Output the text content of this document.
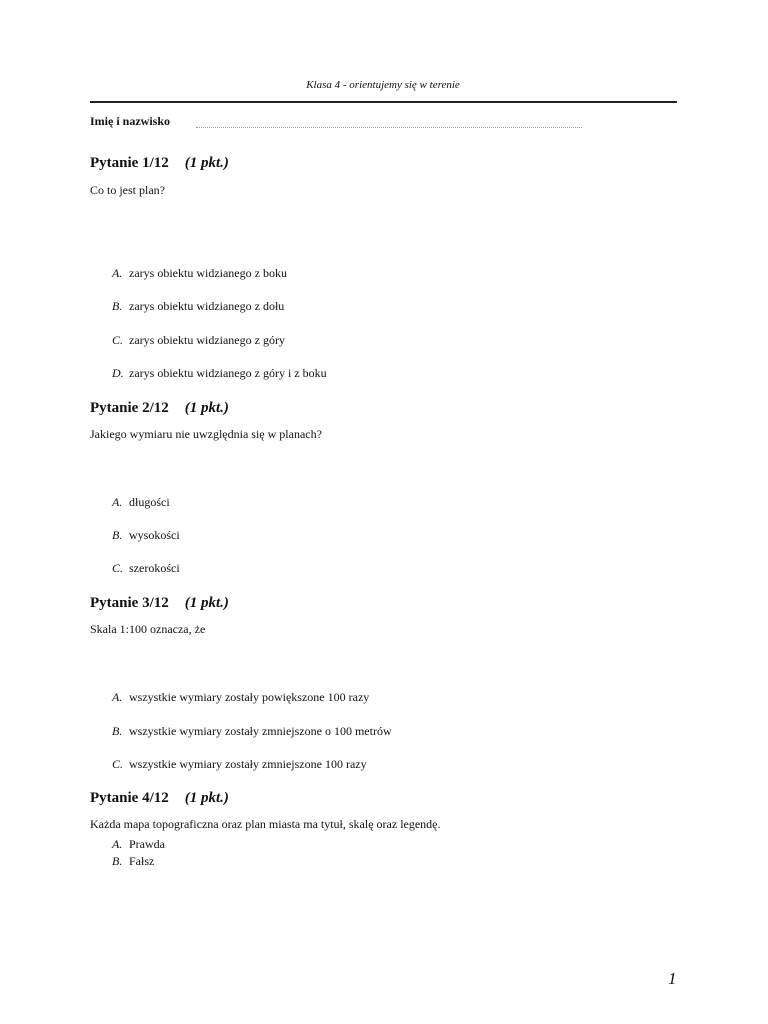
Klasa 4 - orientujemy się w terenie
Imię i nazwisko
Pytanie 1/12 (1 pkt.)
Co to jest plan?
A. zarys obiektu widzianego z boku
B. zarys obiektu widzianego z dołu
C. zarys obiektu widzianego z góry
D. zarys obiektu widzianego z góry i z boku
Pytanie 2/12 (1 pkt.)
Jakiego wymiaru nie uwzględnia się w planach?
A. długości
B. wysokości
C. szerokości
Pytanie 3/12 (1 pkt.)
Skala 1:100 oznacza, że
A. wszystkie wymiary zostały powiększone 100 razy
B. wszystkie wymiary zostały zmniejszone o 100 metrów
C. wszystkie wymiary zostały zmniejszone 100 razy
Pytanie 4/12 (1 pkt.)
Każda mapa topograficzna oraz plan miasta ma tytuł, skalę oraz legendę.
A. Prawda
B. Fałsz
1
